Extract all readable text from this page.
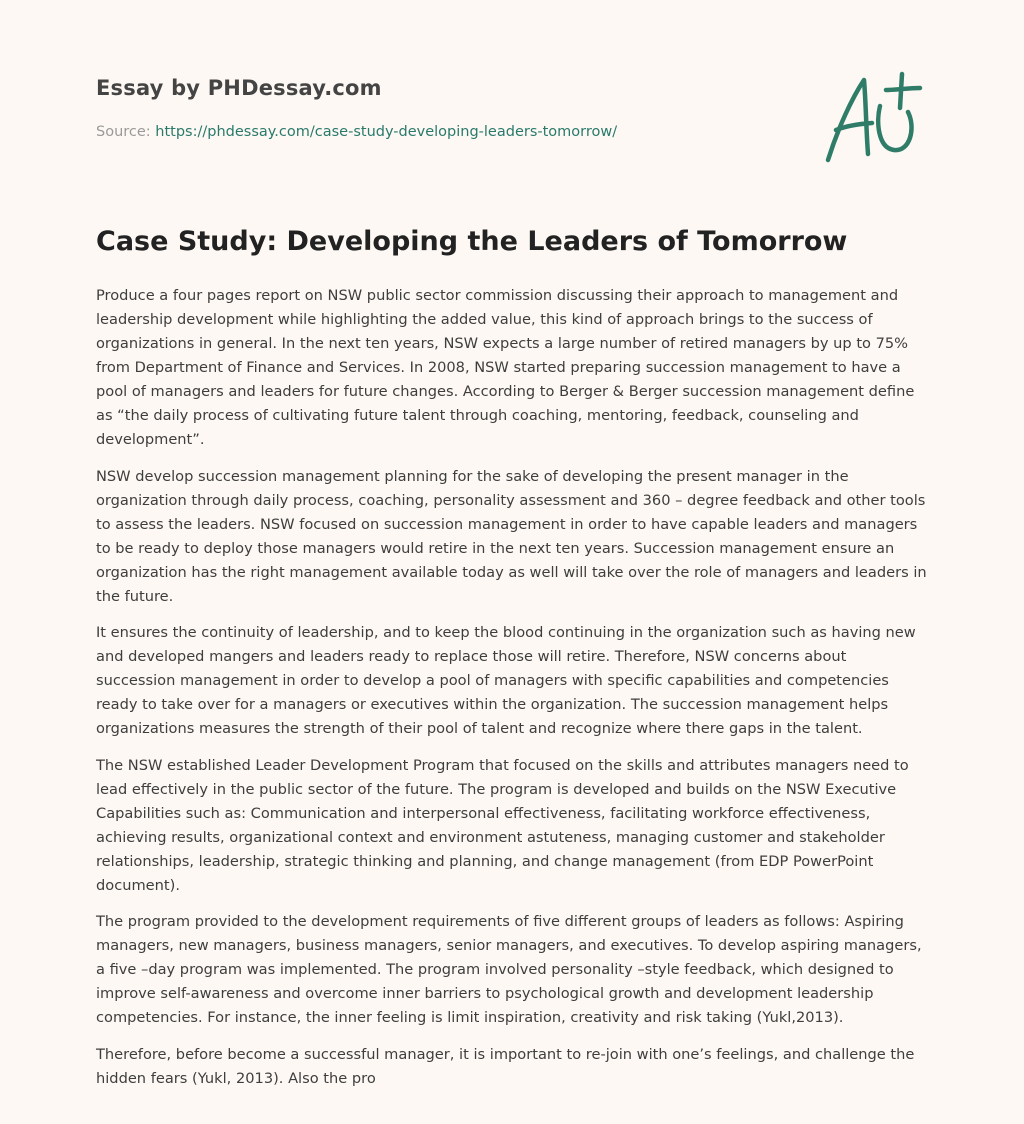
Essay by PHDessay.com
Source: https://phdessay.com/case-study-developing-leaders-tomorrow/
Case Study: Developing the Leaders of Tomorrow

Produce a four pages report on NSW public sector commission discussing their approach to management and leadership development while highlighting the added value, this kind of approach brings to the success of organizations in general. In the next ten years, NSW expects a large number of retired managers by up to 75% from Department of Finance and Services. In 2008, NSW started preparing succession management to have a pool of managers and leaders for future changes. According to Berger & Berger succession management define as “the daily process of cultivating future talent through coaching, mentoring, feedback, counseling and development”.

NSW develop succession management planning for the sake of developing the present manager in the organization through daily process, coaching, personality assessment and 360 – degree feedback and other tools to assess the leaders. NSW focused on succession management in order to have capable leaders and managers to be ready to deploy those managers would retire in the next ten years. Succession management ensure an organization has the right management available today as well will take over the role of managers and leaders in the future.

It ensures the continuity of leadership, and to keep the blood continuing in the organization such as having new and developed mangers and leaders ready to replace those will retire. Therefore, NSW concerns about succession management in order to develop a pool of managers with specific capabilities and competencies ready to take over for a managers or executives within the organization. The succession management helps organizations measures the strength of their pool of talent and recognize where there gaps in the talent.

The NSW established Leader Development Program that focused on the skills and attributes managers need to lead effectively in the public sector of the future. The program is developed and builds on the NSW Executive Capabilities such as: Communication and interpersonal effectiveness, facilitating workforce effectiveness, achieving results, organizational context and environment astuteness, managing customer and stakeholder relationships, leadership, strategic thinking and planning, and change management (from EDP PowerPoint document).

The program provided to the development requirements of five different groups of leaders as follows: Aspiring managers, new managers, business managers, senior managers, and executives. To develop aspiring managers, a five –day program was implemented. The program involved personality –style feedback, which designed to improve self-awareness and overcome inner barriers to psychological growth and development leadership competencies. For instance, the inner feeling is limit inspiration, creativity and risk taking (Yukl,2013).

Therefore, before become a successful manager, it is important to re-join with one’s feelings, and challenge the hidden fears (Yukl, 2013). Also the pro
